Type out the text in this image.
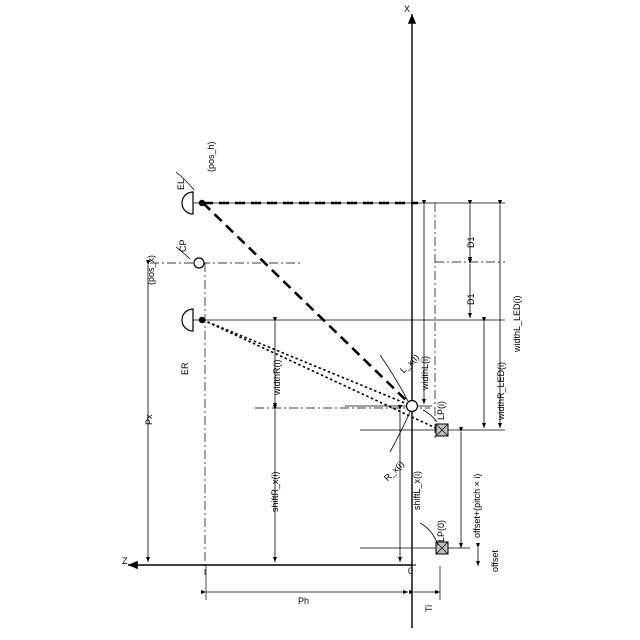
X
Z
0
EL
(pos_h)
CP
(pos_x)
ER
LP(i)
LP(0)
D1
D1	widthL_LED(i)
widthR_LED(i)
widthL(i)
widthR(i)	L_x(i)
R_x(i) shiftL_x(i)
shiftR_x(i)	offset+(pitch × i)
offset
Px
Ph
Ti
